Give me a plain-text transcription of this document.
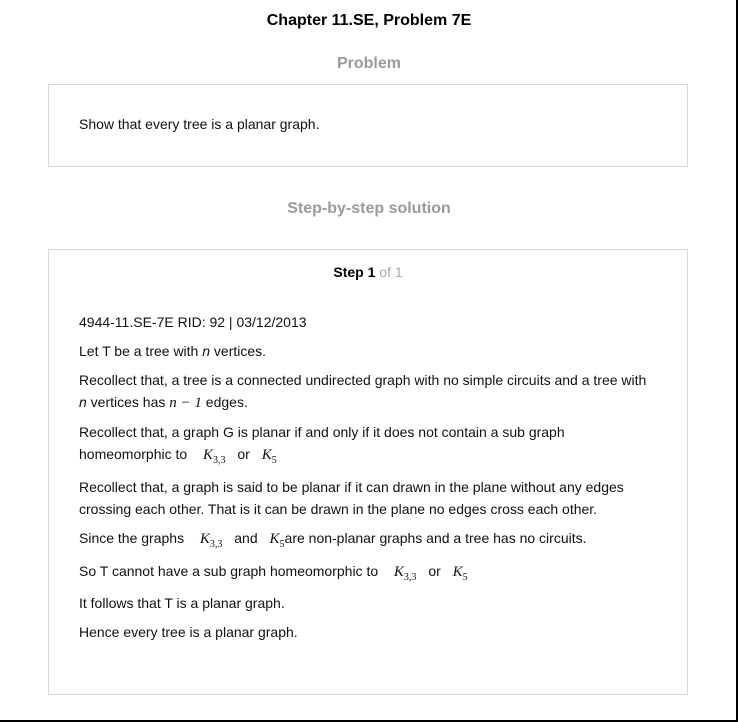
Chapter 11.SE, Problem 7E
Problem
Show that every tree is a planar graph.
Step-by-step solution
Step 1 of 1
4944-11.SE-7E RID: 92 | 03/12/2013
Let T be a tree with n vertices.
Recollect that, a tree is a connected undirected graph with no simple circuits and a tree with
n vertices has n − 1 edges.
Recollect that, a graph G is planar if and only if it does not contain a sub graph
homeomorphic to  $K_{3,3}$ or $K_5$
Recollect that, a graph is said to be planar if it can drawn in the plane without any edges crossing each other. That is it can be drawn in the plane no edges cross each other.
Since the graphs  $K_{3,3}$ and $K_5are$ non-planar graphs and a tree has no circuits.
So T cannot have a sub graph homeomorphic to  $K_{3,3}$ or $K_5$
It follows that T is a planar graph.
Hence every tree is a planar graph.
